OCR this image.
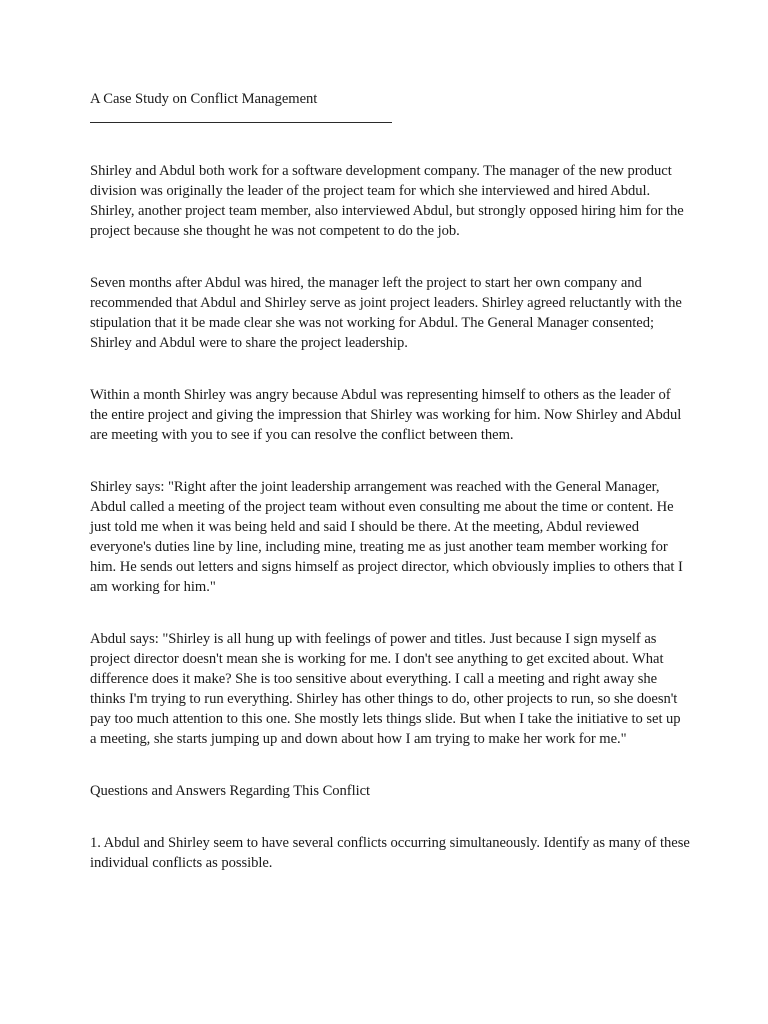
A Case Study on Conflict Management

Shirley and Abdul both work for a software development company. The manager of the new product division was originally the leader of the project team for which she interviewed and hired Abdul. Shirley, another project team member, also interviewed Abdul, but strongly opposed hiring him for the project because she thought he was not competent to do the job.

Seven months after Abdul was hired, the manager left the project to start her own company and recommended that Abdul and Shirley serve as joint project leaders. Shirley agreed reluctantly with the stipulation that it be made clear she was not working for Abdul. The General Manager consented; Shirley and Abdul were to share the project leadership.

Within a month Shirley was angry because Abdul was representing himself to others as the leader of the entire project and giving the impression that Shirley was working for him. Now Shirley and Abdul are meeting with you to see if you can resolve the conflict between them.

Shirley says: "Right after the joint leadership arrangement was reached with the General Manager, Abdul called a meeting of the project team without even consulting me about the time or content. He just told me when it was being held and said I should be there. At the meeting, Abdul reviewed everyone's duties line by line, including mine, treating me as just another team member working for him. He sends out letters and signs himself as project director, which obviously implies to others that I am working for him."

Abdul says: "Shirley is all hung up with feelings of power and titles. Just because I sign myself as project director doesn't mean she is working for me. I don't see anything to get excited about. What difference does it make? She is too sensitive about everything. I call a meeting and right away she thinks I'm trying to run everything. Shirley has other things to do, other projects to run, so she doesn't pay too much attention to this one. She mostly lets things slide. But when I take the initiative to set up a meeting, she starts jumping up and down about how I am trying to make her work for me."

Questions and Answers Regarding This Conflict

1. Abdul and Shirley seem to have several conflicts occurring simultaneously. Identify as many of these individual conflicts as possible.
